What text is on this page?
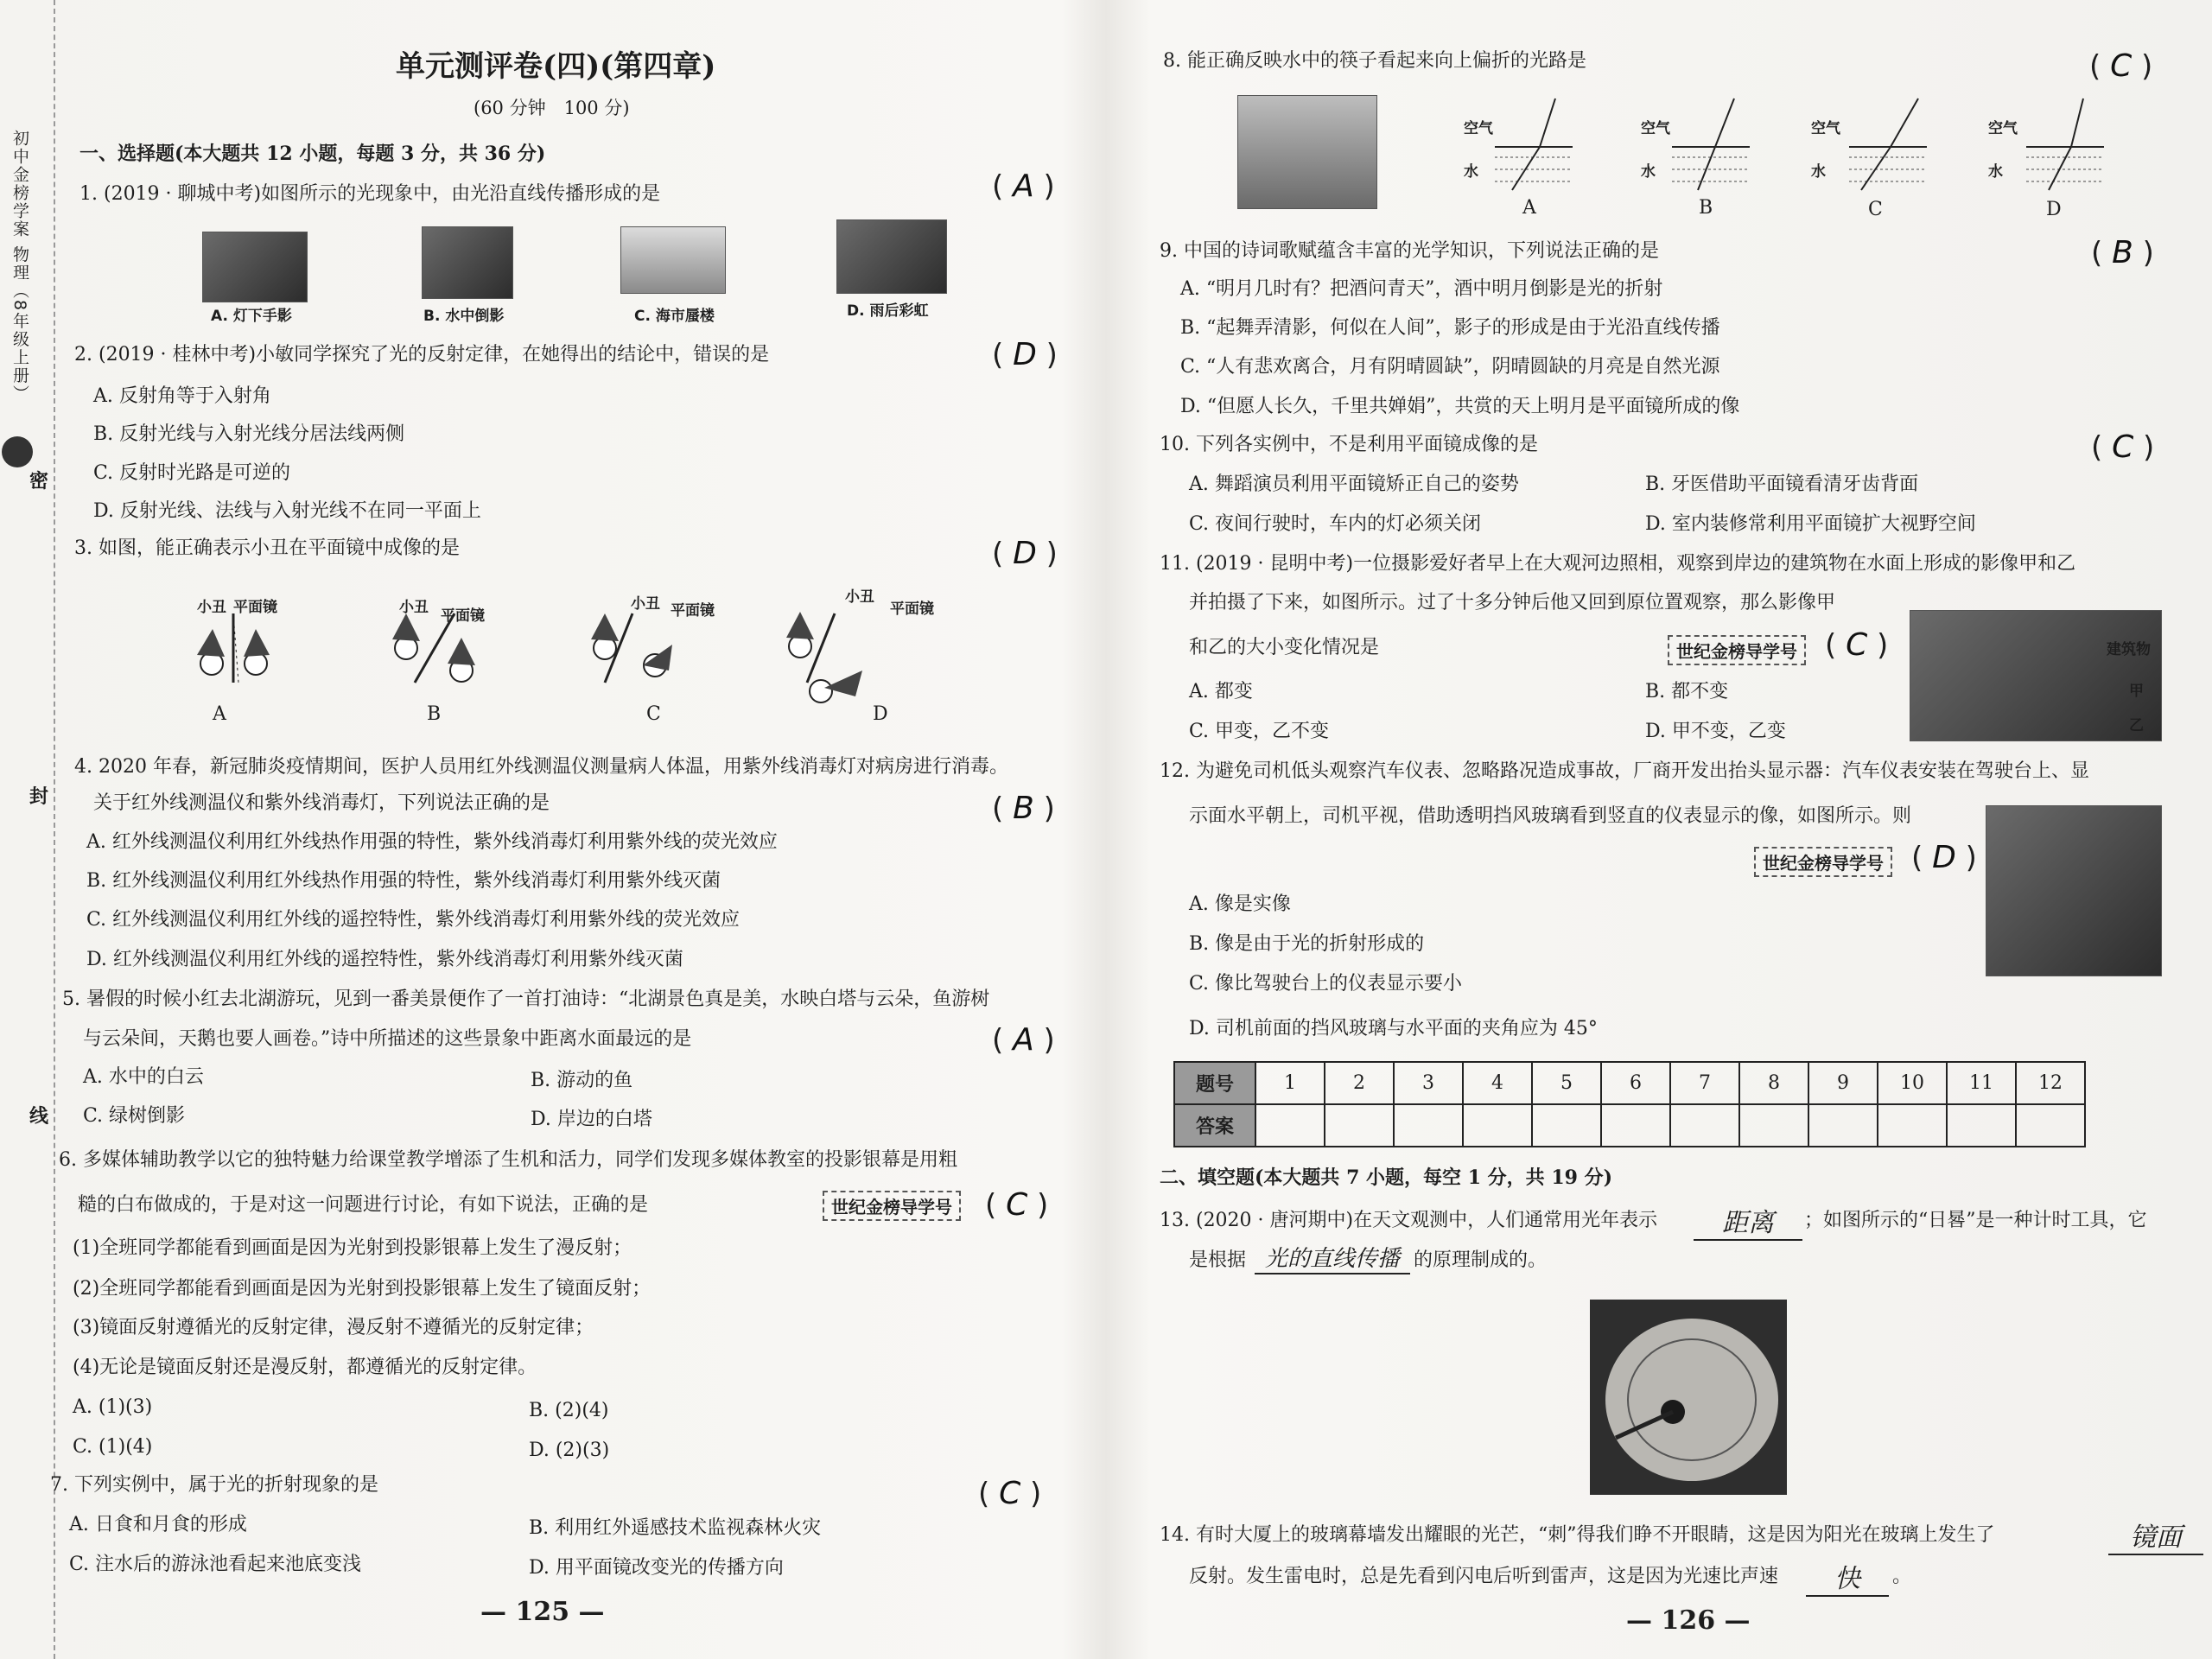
初中金榜学案 物理（8年级上册）
密
封
线
单元测评卷(四)(第四章)
(60 分钟　100 分)
一、选择题(本大题共 12 小题，每题 3 分，共 36 分)
1. (2019 · 聊城中考)如图所示的光现象中，由光沿直线传播形成的是	( A )
A. 灯下手影	B. 水中倒影	C. 海市蜃楼	D. 雨后彩虹
2. (2019 · 桂林中考)小敏同学探究了光的反射定律，在她得出的结论中，错误的是	( D )
A. 反射角等于入射角
B. 反射光线与入射光线分居法线两侧
C. 反射时光路是可逆的
D. 反射光线、法线与入射光线不在同一平面上
3. 如图，能正确表示小丑在平面镜中成像的是	( D )
小丑 平面镜	小丑 平面镜
小丑 平面镜
小丑
平面镜
A	B	C	D
4. 2020 年春，新冠肺炎疫情期间，医护人员用红外线测温仪测量病人体温，用紫外线消毒灯对病房进行消毒。
关于红外线测温仪和紫外线消毒灯，下列说法正确的是	( B )
A. 红外线测温仪利用红外线热作用强的特性，紫外线消毒灯利用紫外线的荧光效应
B. 红外线测温仪利用红外线热作用强的特性，紫外线消毒灯利用紫外线灭菌
C. 红外线测温仪利用红外线的遥控特性，紫外线消毒灯利用紫外线的荧光效应
D. 红外线测温仪利用红外线的遥控特性，紫外线消毒灯利用紫外线灭菌
5. 暑假的时候小红去北湖游玩，见到一番美景便作了一首打油诗：“北湖景色真是美，水映白塔与云朵，鱼游树
与云朵间，天鹅也要人画卷。”诗中所描述的这些景象中距离水面最远的是	( A )
A. 水中的白云	B. 游动的鱼
C. 绿树倒影	D. 岸边的白塔
6. 多媒体辅助教学以它的独特魅力给课堂教学增添了生机和活力，同学们发现多媒体教室的投影银幕是用粗
糙的白布做成的，于是对这一问题进行讨论，有如下说法，正确的是	世纪金榜导学号 ( C )
(1)全班同学都能看到画面是因为光射到投影银幕上发生了漫反射；
(2)全班同学都能看到画面是因为光射到投影银幕上发生了镜面反射；
(3)镜面反射遵循光的反射定律，漫反射不遵循光的反射定律；
(4)无论是镜面反射还是漫反射，都遵循光的反射定律。
A. (1)(3)	B. (2)(4)
C. (1)(4)	D. (2)(3)
7. 下列实例中，属于光的折射现象的是	( C )
A. 日食和月食的形成	B. 利用红外遥感技术监视森林火灾
C. 注水后的游泳池看起来池底变浅	D. 用平面镜改变光的传播方向
— 125 —
8. 能正确反映水中的筷子看起来向上偏折的光路是	( C )
空气
水
空气
水
空气
水
空气
水
A	B	C	D
9. 中国的诗词歌赋蕴含丰富的光学知识，下列说法正确的是	( B )
A. “明月几时有？把酒问青天”，酒中明月倒影是光的折射
B. “起舞弄清影，何似在人间”，影子的形成是由于光沿直线传播
C. “人有悲欢离合，月有阴晴圆缺”，阴晴圆缺的月亮是自然光源
D. “但愿人长久，千里共婵娟”，共赏的天上明月是平面镜所成的像
10. 下列各实例中，不是利用平面镜成像的是	( C )
A. 舞蹈演员利用平面镜矫正自己的姿势	B. 牙医借助平面镜看清牙齿背面
C. 夜间行驶时，车内的灯必须关闭	D. 室内装修常利用平面镜扩大视野空间
11. (2019 · 昆明中考)一位摄影爱好者早上在大观河边照相，观察到岸边的建筑物在水面上形成的影像甲和乙
并拍摄了下来，如图所示。过了十多分钟后他又回到原位置观察，那么影像甲
和乙的大小变化情况是	世纪金榜导学号 ( C )	建筑物
甲
乙
A. 都变	B. 都不变
C. 甲变，乙不变	D. 甲不变，乙变
12. 为避免司机低头观察汽车仪表、忽略路况造成事故，厂商开发出抬头显示器：汽车仪表安装在驾驶台上、显
示面水平朝上，司机平视，借助透明挡风玻璃看到竖直的仪表显示的像，如图所示。则
世纪金榜导学号 ( D )
A. 像是实像
B. 像是由于光的折射形成的
C. 像比驾驶台上的仪表显示要小
D. 司机前面的挡风玻璃与水平面的夹角应为 45°
题号	1	2	3	4	5	6	7	8	9	10	11	12
答案												
二、填空题(本大题共 7 小题，每空 1 分，共 19 分)
13. (2020 · 唐河期中)在天文观测中，人们通常用光年表示	距离	；如图所示的“日晷”是一种计时工具，它
是根据 光的直线传播 的原理制成的。
14. 有时大厦上的玻璃幕墙发出耀眼的光芒，“刺”得我们睁不开眼睛，这是因为阳光在玻璃上发生了	镜面
反射。发生雷电时，总是先看到闪电后听到雷声，这是因为光速比声速	快	。
— 126 —
